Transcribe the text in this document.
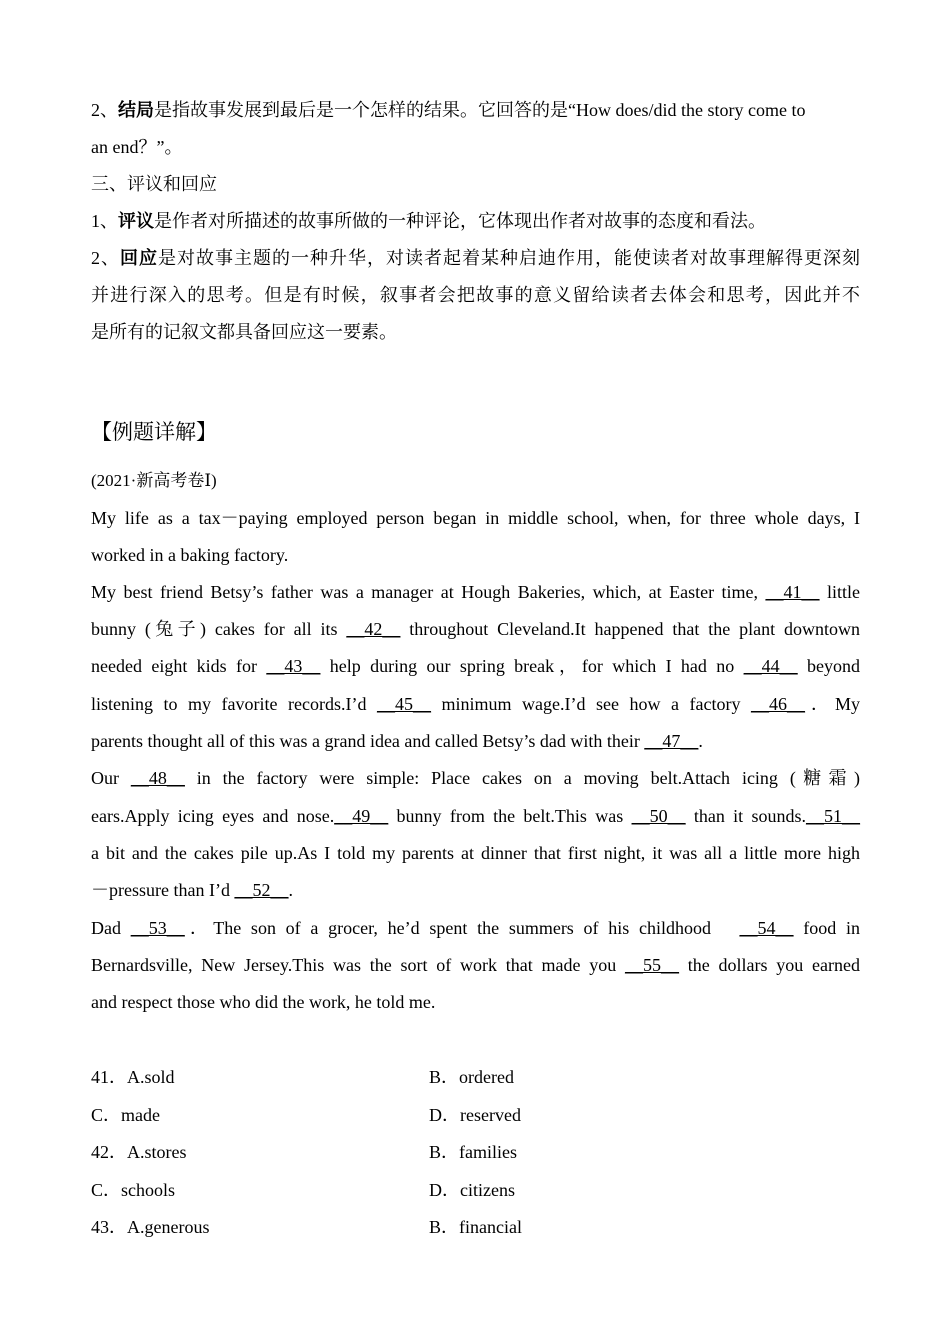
2、结局是指故事发展到最后是一个怎样的结果。它回答的是“How does/did the story come to
an end？”。
三、评议和回应
1、评议是作者对所描述的故事所做的一种评论，它体现出作者对故事的态度和看法。
2、回应是对故事主题的一种升华，对读者起着某种启迪作用，能使读者对故事理解得更深刻
并进行深入的思考。但是有时候，叙事者会把故事的意义留给读者去体会和思考，因此并不
是所有的记叙文都具备回应这一要素。
【例题详解】
(2021·新高考卷Ⅰ)
My life as a tax－paying employed person began in middle school, when, for three whole days, I
worked in a baking factory.
My best friend Betsy’s father was a manager at Hough Bakeries, which, at Easter time, __41__ little
bunny (兔子) cakes for all its __42__ throughout Cleveland.It happened that the plant downtown
needed eight kids for __43__ help during our spring break，for which I had no __44__ beyond
listening to my favorite records.I’d __45__ minimum wage.I’d see how a factory __46__．My
parents thought all of this was a grand idea and called Betsy’s dad with their __47__.
Our __48__ in the factory were simple: Place cakes on a moving belt.Attach icing (糖霜)
ears.Apply icing eyes and nose.__49__ bunny from the belt.This was __50__ than it sounds.__51__
a bit and the cakes pile up.As I told my parents at dinner that first night, it was all a little more high
－pressure than I’d __52__.
Dad __53__．The son of a grocer, he’d spent the summers of his childhood　__54__ food in
Bernardsville, New Jersey.This was the sort of work that made you __55__ the dollars you earned
and respect those who did the work, he told me.
41．A.sold	B．ordered
C．made	D．reserved
42．A.stores	B．families
C．schools	D．citizens
43．A.generous	B．financial
